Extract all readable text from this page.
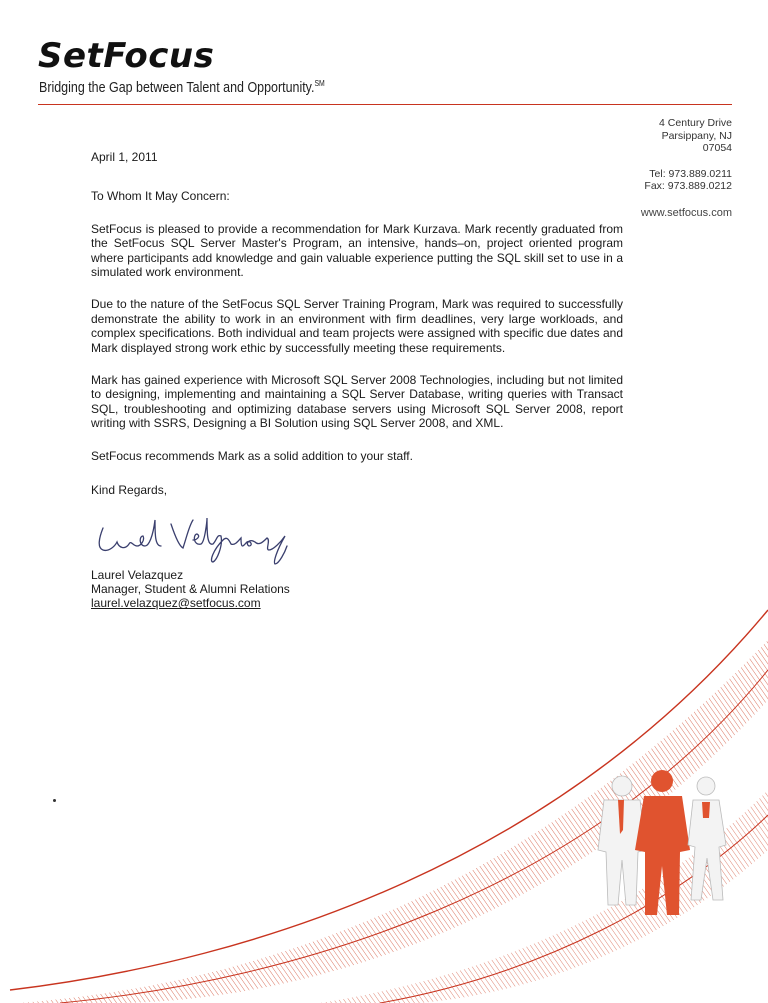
SetFocus
Bridging the Gap between Talent and Opportunity.℠
4 Century Drive
Parsippany, NJ
07054
Tel: 973.889.0211
Fax: 973.889.0212
www.setfocus.com

April 1, 2011

To Whom It May Concern:

SetFocus is pleased to provide a recommendation for Mark Kurzava. Mark recently graduated from the SetFocus SQL Server Master's Program, an intensive, hands–on, project oriented program where participants add knowledge and gain valuable experience putting the SQL skill set to use in a simulated work environment.

Due to the nature of the SetFocus SQL Server Training Program, Mark was required to successfully demonstrate the ability to work in an environment with firm deadlines, very large workloads, and complex specifications. Both individual and team projects were assigned with specific due dates and Mark displayed strong work ethic by successfully meeting these requirements.

Mark has gained experience with Microsoft SQL Server 2008 Technologies, including but not limited to designing, implementing and maintaining a SQL Server Database, writing queries with Transact SQL, troubleshooting and optimizing database servers using Microsoft SQL Server 2008, report writing with SSRS, Designing a BI Solution using SQL Server 2008, and XML.

SetFocus recommends Mark as a solid addition to your staff.

Kind Regards,

Laurel Velazquez

Manager, Student & Alumni Relations

laurel.velazquez@setfocus.com
